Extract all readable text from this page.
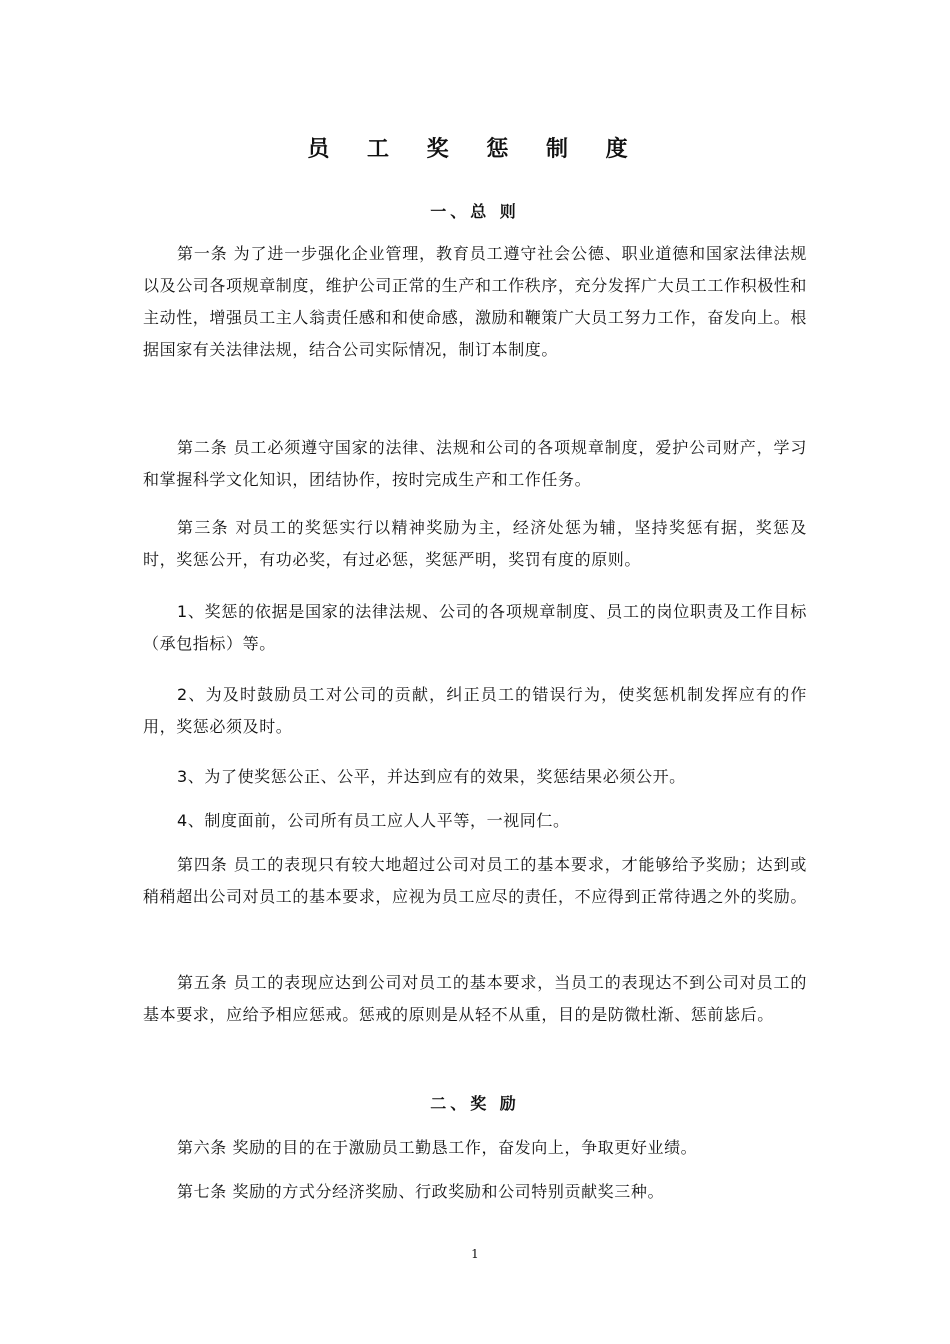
员 工 奖 惩 制 度
一、总 则

第一条 为了进一步强化企业管理，教育员工遵守社会公德、职业道德和国家法律法规以及公司各项规章制度，维护公司正常的生产和工作秩序，充分发挥广大员工工作积极性和主动性，增强员工主人翁责任感和和使命感，激励和鞭策广大员工努力工作，奋发向上。根据国家有关法律法规，结合公司实际情况，制订本制度。

第二条 员工必须遵守国家的法律、法规和公司的各项规章制度，爱护公司财产，学习和掌握科学文化知识，团结协作，按时完成生产和工作任务。

第三条 对员工的奖惩实行以精神奖励为主，经济处惩为辅，坚持奖惩有据，奖惩及时，奖惩公开，有功必奖，有过必惩，奖惩严明，奖罚有度的原则。

1、奖惩的依据是国家的法律法规、公司的各项规章制度、员工的岗位职责及工作目标（承包指标）等。

2、为及时鼓励员工对公司的贡献，纠正员工的错误行为，使奖惩机制发挥应有的作用，奖惩必须及时。

3、为了使奖惩公正、公平，并达到应有的效果，奖惩结果必须公开。

4、制度面前，公司所有员工应人人平等，一视同仁。

第四条 员工的表现只有较大地超过公司对员工的基本要求，才能够给予奖励；达到或稍稍超出公司对员工的基本要求，应视为员工应尽的责任，不应得到正常待遇之外的奖励。

第五条 员工的表现应达到公司对员工的基本要求，当员工的表现达不到公司对员工的基本要求，应给予相应惩戒。惩戒的原则是从轻不从重，目的是防微杜渐、惩前毖后。

二、奖 励

第六条 奖励的目的在于激励员工勤恳工作，奋发向上，争取更好业绩。

第七条 奖励的方式分经济奖励、行政奖励和公司特别贡献奖三种。

1
